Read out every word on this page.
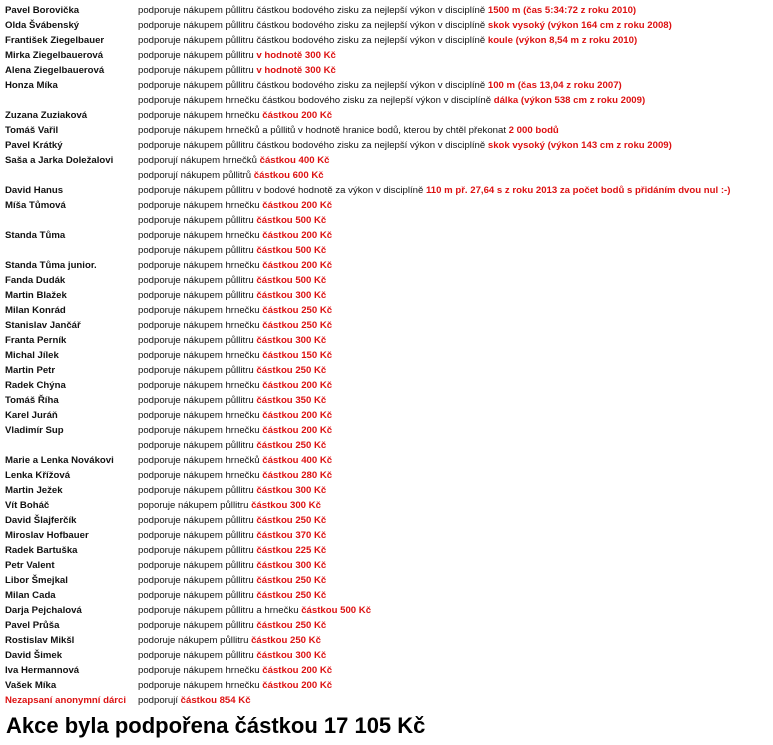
Pavel Borovička	podporuje nákupem půllitru částkou bodového zisku za nejlepší výkon v disciplíně 1500 m (čas 5:34:72 z roku 2010)
Olda Švábenský	podporuje nákupem půllitru částkou bodového zisku za nejlepší výkon v disciplíně skok vysoký (výkon 164 cm z roku 2008)
František Ziegelbauer	podporuje nákupem půllitru částkou bodového zisku za nejlepší výkon v disciplíně koule (výkon 8,54 m z roku 2010)
Mirka Ziegelbauerová	podporuje nákupem půllitru v hodnotě 300 Kč
Alena Ziegelbauerová	podporuje nákupem půllitru v hodnotě 300 Kč
Honza Míka	podporuje nákupem půllitru částkou bodového zisku za nejlepší výkon v disciplíně 100 m (čas 13,04 z roku 2007)
podporuje nákupem hrnečku částkou bodového zisku za nejlepší výkon v disciplíně dálka (výkon 538 cm z roku 2009)
Zuzana Zuziaková	podporuje nákupem hrnečku částkou 200 Kč
Tomáš Vařil	podporuje nákupem hrnečků a půllitů v hodnotě hranice bodů, kterou by chtěl překonat 2 000 bodů
Pavel Krátký	podporuje nákupem půllitru částkou bodového zisku za nejlepší výkon v disciplíně skok vysoký (výkon 143 cm z roku 2009)
Saša a Jarka Doležalovi	podporují nákupem hrnečků částkou 400 Kč
podporují nákupem půllitrů částkou 600 Kč
David Hanus	podporuje nákupem půllitru v bodové hodnotě za výkon v disciplíně 110 m př. 27,64 s z roku 2013 za počet bodů s přidáním dvou nul :-)
Míša Tůmová	podporuje nákupem hrnečku částkou 200 Kč
podporuje nákupem půllitru částkou 500 Kč
Standa Tůma	podporuje nákupem hrnečku částkou 200 Kč
podporuje nákupem půllitru částkou 500 Kč
Standa Tůma junior.	podporuje nákupem hrnečku částkou 200 Kč
Fanda Dudák	podporuje nákupem půllitru částkou 500 Kč
Martin Blažek	podporuje nákupem půllitru částkou 300 Kč
Milan Konrád	podporuje nákupem hrnečku částkou 250 Kč
Stanislav Jančář	podporuje nákupem hrnečku částkou 250 Kč
Franta Perník	podporuje nákupem půllitru částkou 300 Kč
Michal Jílek	podporuje nákupem hrnečku částkou 150 Kč
Martin Petr	podporuje nákupem půllitru částkou 250 Kč
Radek Chýna	podporuje nákupem hrnečku částkou 200 Kč
Tomáš Říha	podporuje nákupem půllitru částkou 350 Kč
Karel Juráň	podporuje nákupem hrnečku částkou 200 Kč
Vladimír Sup	podporuje nákupem hrnečku částkou 200 Kč
podporuje nákupem půllitru částkou 250 Kč
Marie a Lenka Novákovi	podporuje nákupem hrnečků částkou 400 Kč
Lenka Křížová	podporuje nákupem hrnečku částkou 280 Kč
Martin Ježek	podporuje nákupem půllitru částkou 300 Kč
Vít Boháč	poporuje nákupem půllitru částkou 300 Kč
David Šlajferčík	podporuje nákupem půllitru částkou 250 Kč
Miroslav Hofbauer	podporuje nákupem půllitru částkou 370 Kč
Radek Bartuška	podporuje nákupem půllitru částkou 225 Kč
Petr Valent	podporuje nákupem půllitru částkou 300 Kč
Libor Šmejkal	podporuje nákupem půllitru částkou 250 Kč
Milan Cada	podporuje nákupem půllitru částkou 250 Kč
Darja Pejchalová	podporuje nákupem půllitru a hrnečku částkou 500 Kč
Pavel Průša	podporuje nákupem půllitru částkou 250 Kč
Rostislav Mikšl	podoruje nákupem půllitru částkou 250 Kč
David Šimek	podporuje nákupem půllitru částkou 300 Kč
Iva Hermannová	podporuje nákupem hrnečku částkou 200 Kč
Vašek Míka	podporuje nákupem hrnečku částkou 200 Kč
Nezapsaní anonymní dárci podporují částkou 854 Kč
Akce byla podpořena částkou 17 105 Kč
